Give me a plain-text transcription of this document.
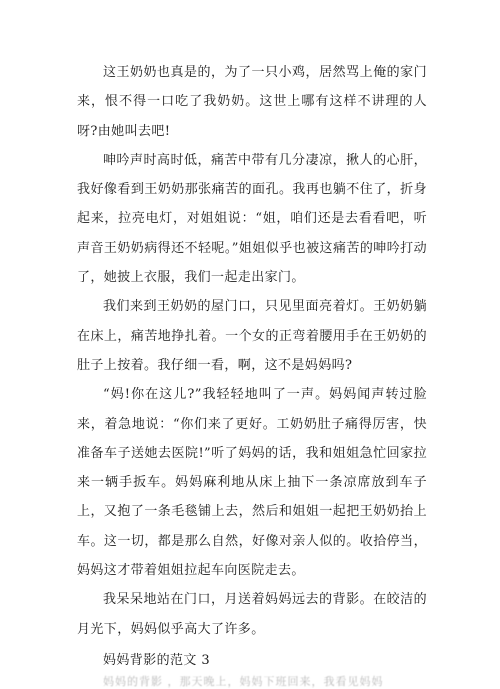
这王奶奶也真是的，为了一只小鸡，居然骂上俺的家门来，恨不得一口吃了我奶奶。这世上哪有这样不讲理的人呀?由她叫去吧!

呻吟声时高时低，痛苦中带有几分凄凉，揪人的心肝，我好像看到王奶奶那张痛苦的面孔。我再也躺不住了，折身起来，拉亮电灯，对姐姐说：“姐，咱们还是去看看吧，听声音王奶奶病得还不轻呢。”姐姐似乎也被这痛苦的呻吟打动了，她披上衣服，我们一起走出家门。

我们来到王奶奶的屋门口，只见里面亮着灯。王奶奶躺在床上，痛苦地挣扎着。一个女的正弯着腰用手在王奶奶的肚子上按着。我仔细一看，啊，这不是妈妈吗?

“妈!你在这儿?”我轻轻地叫了一声。妈妈闻声转过脸来，着急地说：“你们来了更好。工奶奶肚子痛得厉害，快准备车子送她去医院!”听了妈妈的话，我和姐姐急忙回家拉来一辆手扳车。妈妈麻利地从床上抽下一条凉席放到车子上，又抱了一条毛毯铺上去，然后和姐姐一起把王奶奶抬上车。这一切，都是那么自然，好像对亲人似的。收拾停当，妈妈这才带着姐姐拉起车向医院走去。

我呆呆地站在门口，月送着妈妈远去的背影。在皎洁的月光下，妈妈似乎高大了许多。

妈妈背影的范文 3

妈妈的背影 ，那天晚上，妈妈下班回来，我看见妈妈
